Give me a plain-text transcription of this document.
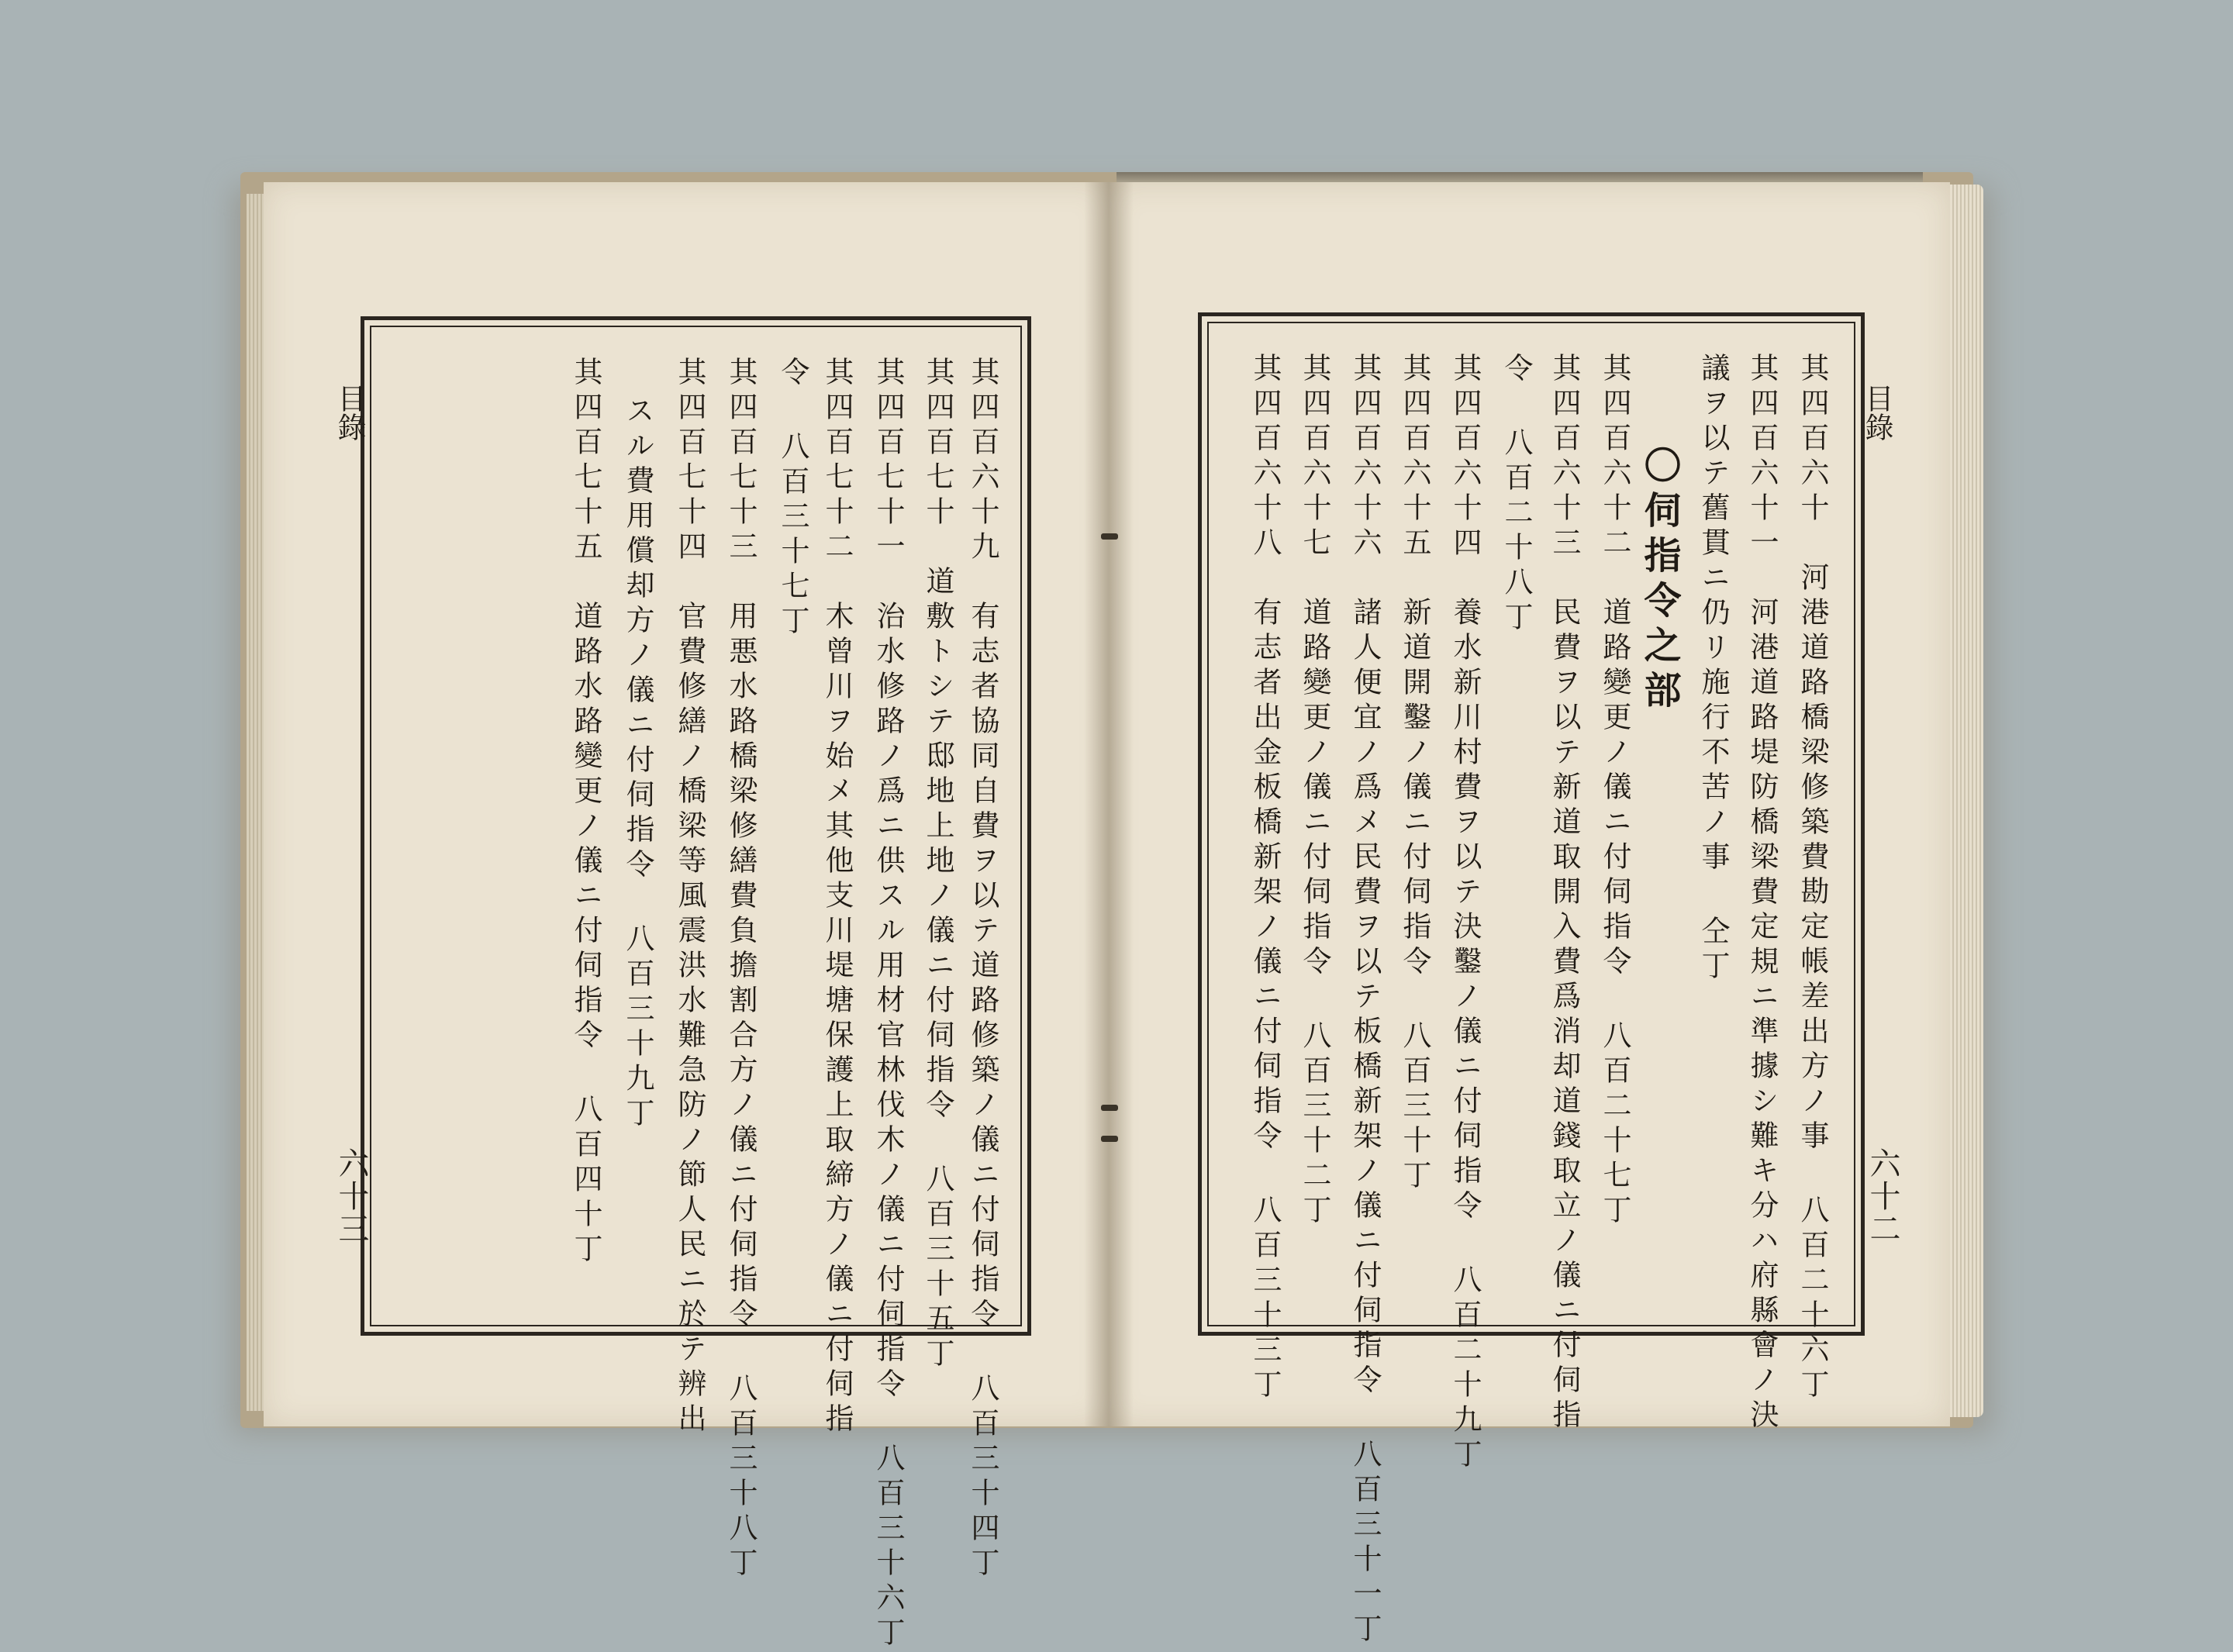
目錄
六十三	其四百六十九　有志者協同自費ヲ以テ道路修築ノ儀ニ付伺指令 八百三十四丁
其四百七十　道敷トシテ邸地上地ノ儀ニ付伺指令 八百三十五丁
其四百七十一　治水修路ノ爲ニ供スル用材官林伐木ノ儀ニ付伺指令 八百三十六丁
其四百七十二　木曾川ヲ始メ其他支川堤塘保護上取締方ノ儀ニ付伺指
令 八百三十七丁
其四百七十三　用悪水路橋梁修繕費負擔割合方ノ儀ニ付伺指令 八百三十八丁
其四百七十四　官費修繕ノ橋梁等風震洪水難急防ノ節人民ニ於テ辨出
スル費用償却方ノ儀ニ付伺指令 八百三十九丁
其四百七十五　道路水路變更ノ儀ニ付伺指令 八百四十丁	目錄
六十二
其四百六十　河港道路橋梁修築費勘定帳差出方ノ事 八百二十六丁
其四百六十一　河港道路堤防橋梁費定規ニ準據シ難キ分ハ府縣會ノ決
議ヲ以テ舊貫ニ仍リ施行不苦ノ事 仝丁
〇伺指令之部
其四百六十二　道路變更ノ儀ニ付伺指令 八百二十七丁
其四百六十三　民費ヲ以テ新道取開入費爲消却道錢取立ノ儀ニ付伺指
令 八百二十八丁
其四百六十四　養水新川村費ヲ以テ決鑿ノ儀ニ付伺指令 八百二十九丁
其四百六十五　新道開鑿ノ儀ニ付伺指令 八百三十丁
其四百六十六　諸人便宜ノ爲メ民費ヲ以テ板橋新架ノ儀ニ付伺指令 八百三十一丁
其四百六十七　道路變更ノ儀ニ付伺指令 八百三十二丁
其四百六十八　有志者出金板橋新架ノ儀ニ付伺指令 八百三十三丁
